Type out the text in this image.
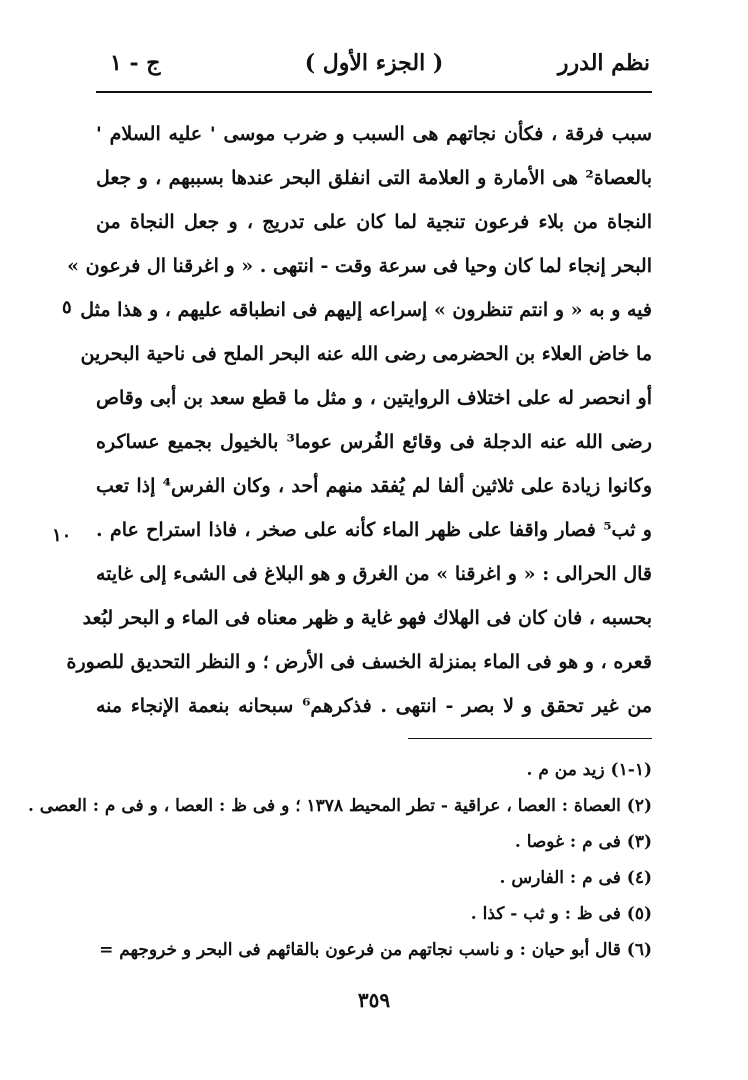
نظم الدرر
( الجزء الأول )
ج - ١
سبب فرقة ، فكأن نجاتهم هى السبب و ضرب موسى ' عليه السلام '
بالعصاة² هى الأمارة و العلامة التى انفلق البحر عندها بسببهم ، و جعل
النجاة من بلاء فرعون تنجية لما كان على تدريج ، و جعل النجاة من
البحر إنجاء لما كان وحيا فى سرعة وقت - انتهى . « و اغرقنا ال فرعون »
فيه و به « و انتم تنظرون » إسراعه إليهم فى انطباقه عليهم ، و هذا مثل
ما خاض العلاء بن الحضرمى رضى الله عنه البحر الملح فى ناحية البحرين
أو انحصر له على اختلاف الروايتين ، و مثل ما قطع سعد بن أبى وقاص
رضى الله عنه الدجلة فى وقائع الفُرس عوما³ بالخيول بجميع عساكره
وكانوا زيادة على ثلاثين ألفا لم يُفقد منهم أحد ، وكان الفرس⁴ إذا تعب
و ثب⁵ فصار واقفا على ظهر الماء كأنه على صخر ، فاذا استراح عام .
قال الحرالى : « و اغرقنا » من الغرق و هو البلاغ فى الشىء إلى غايته
بحسبه ، فان كان فى الهلاك فهو غاية و ظهر معناه فى الماء و البحر لبُعد
قعره ، و هو فى الماء بمنزلة الخسف فى الأرض ؛ و النظر التحديق للصورة
من غير تحقق و لا بصر - انتهى . فذكرهم⁶ سبحانه بنعمة الإنجاء منه
٥
١٠
(١-١) زيد من م .
(٢) العصاة : العصا ، عراقية - تطر المحيط ١٣٧٨ ؛ و فى ظ : العصا ، و فى م : العصى .
(٣) فى م : غوصا .
(٤) فى م : الفارس .
(٥) فى ظ : و ثب - كذا .
(٦) قال أبو حيان : و ناسب نجاتهم من فرعون بالقائهم فى البحر و خروجهم =
٣٥٩
